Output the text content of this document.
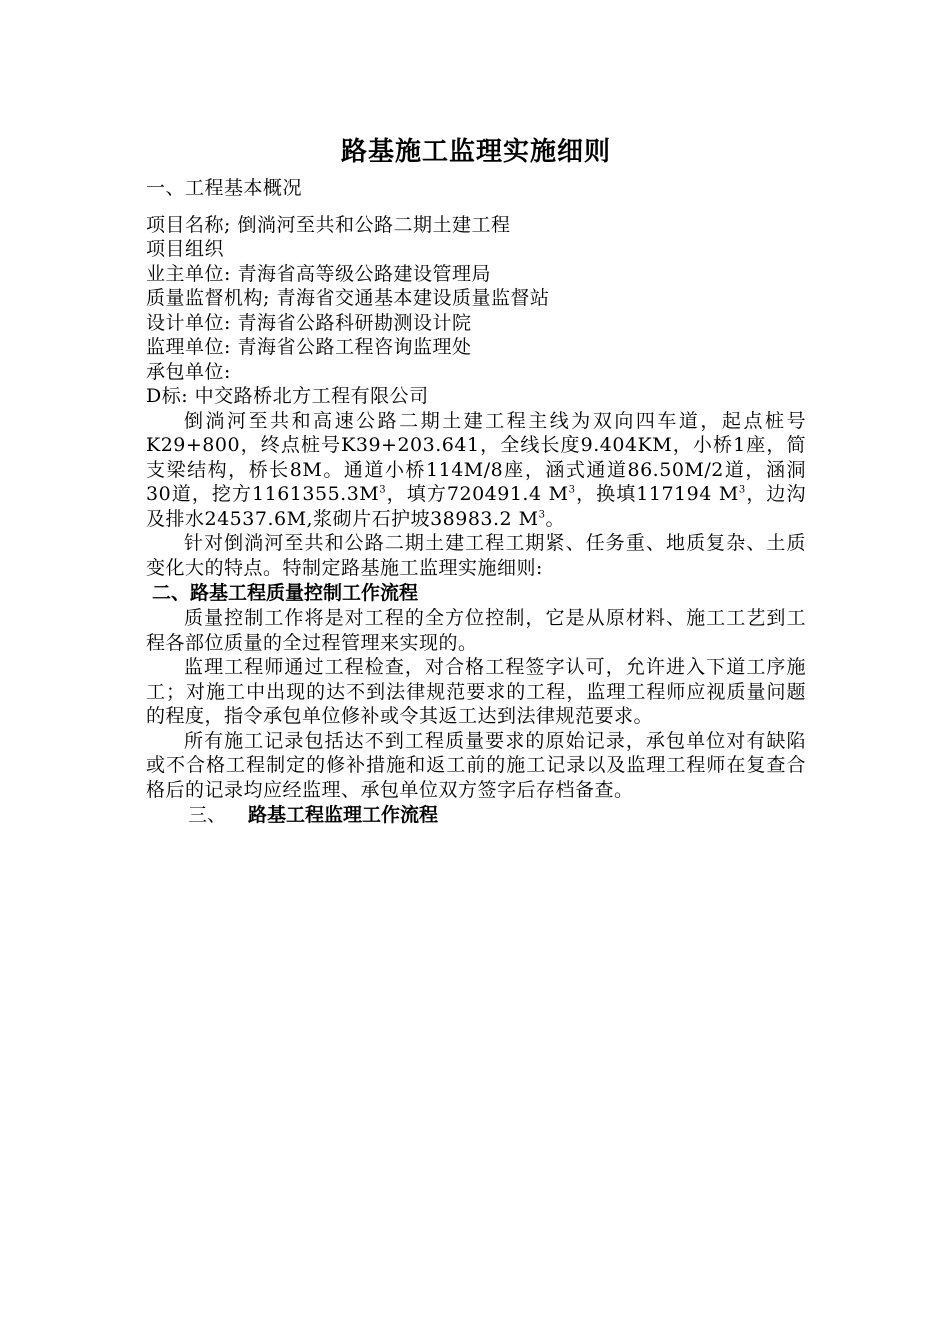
路基施工监理实施细则

一、工程基本概况

项目名称; 倒淌河至共和公路二期土建工程

项目组织

业主单位: 青海省高等级公路建设管理局

质量监督机构; 青海省交通基本建设质量监督站

设计单位: 青海省公路科研勘测设计院

监理单位: 青海省公路工程咨询监理处

承包单位:

D标: 中交路桥北方工程有限公司

倒淌河至共和高速公路二期土建工程主线为双向四车道，起点桩号K29+800，终点桩号K39+203.641，全线长度9.404KM，小桥1座，简支梁结构，桥长8M。通道小桥114M/8座，涵式通道86.50M/2道，涵洞30道，挖方$1161355.3M^3$，填方720491.4 $M^3$，换填117194 $M^3$，边沟及排水24537.6M,浆砌片石护坡38983.2 $M^3$。

针对倒淌河至共和公路二期土建工程工期紧、任务重、地质复杂、土质变化大的特点。特制定路基施工监理实施细则:

二、路基工程质量控制工作流程

质量控制工作将是对工程的全方位控制，它是从原材料、施工工艺到工程各部位质量的全过程管理来实现的。

监理工程师通过工程检查，对合格工程签字认可，允许进入下道工序施工；对施工中出现的达不到法律规范要求的工程，监理工程师应视质量问题的程度，指令承包单位修补或令其返工达到法律规范要求。

所有施工记录包括达不到工程质量要求的原始记录，承包单位对有缺陷或不合格工程制定的修补措施和返工前的施工记录以及监理工程师在复查合格后的记录均应经监理、承包单位双方签字后存档备查。

三、 路基工程监理工作流程
